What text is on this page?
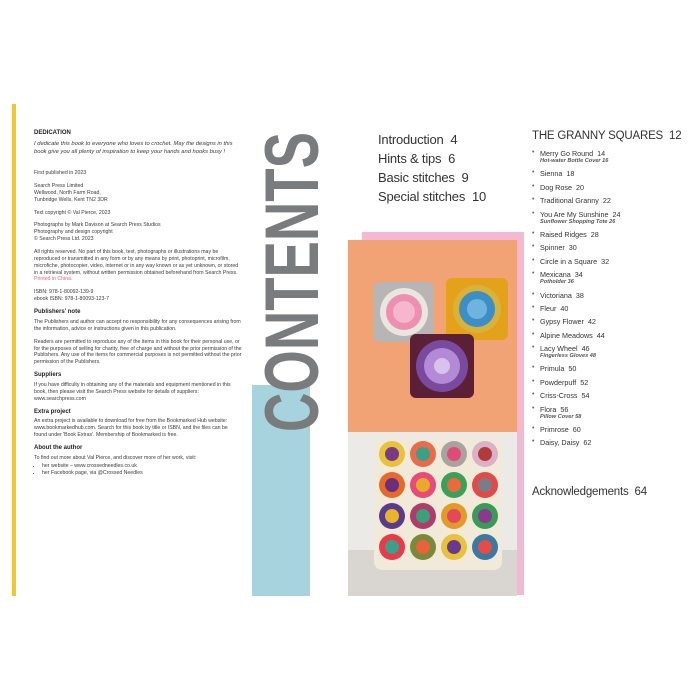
DEDICATION

I dedicate this book to everyone who loves to crochet. May the designs in this book give you all plenty of inspiration to keep your hands and hooks busy !

First published in 2023

Search Press Limited
Wellwood, North Farm Road,
Tunbridge Wells, Kent TN2 3DR

Text copyright © Val Pierce, 2023

Photographs by Mark Davison at Search Press Studios
Photography and design copyright
© Search Press Ltd. 2023

All rights reserved. No part of this book, text, photographs or illustrations may be reproduced or transmitted in any form or by any means by print, photoprint, microfilm, microfiche, photocopier, video, internet or in any way known or as yet unknown, or stored in a retrieval system, without written permission obtained beforehand from Search Press. Printed in China.

ISBN: 978-1-80092-139-9
ebook ISBN: 978-1-80093-123-7

Publishers' note

The Publishers and author can accept no responsibility for any consequences arising from the information, advice or instructions given in this publication.

Readers are permitted to reproduce any of the items in this book for their personal use, or for the purposes of selling for charity, free of charge and without the prior permission of the Publishers. Any use of the items for commercial purposes is not permitted without the prior permission of the Publishers.

Suppliers

If you have difficulty in obtaining any of the materials and equipment mentioned in this book, then please visit the Search Press website for details of suppliers: www.searchpress.com

Extra project

An extra project is available to download for free from the Bookmarked Hub website: www.bookmarkedhub.com. Search for this book by title or ISBN, and the files can be found under 'Book Extras'. Membership of Bookmarked is free.

About the author

To find out more about Val Pierce, and discover more of her work, visit:

• her website – www.crossedneedles.co.uk
• her Facebook page, via @Crossed Needles
CONTENTS	Introduction 4
Hints & tips 6
Basic stitches 9
Special stitches 10
THE GRANNY SQUARES 12
• Merry Go Round 14
Hot-water Bottle Cover 16
• Sienna 18
• Dog Rose 20
• Traditional Granny 22
• You Are My Sunshine 24
Sunflower Shopping Tote 26
• Raised Ridges 28
• Spinner 30
• Circle in a Square 32
• Mexicana 34
Potholder 36
• Victoriana 38
• Fleur 40
• Gypsy Flower 42
• Alpine Meadows 44
• Lacy Wheel 46
Fingerless Gloves 48
• Primula 50
• Powderpuff 52
• Criss-Cross 54
• Flora 56
Pillow Cover 58
• Primrose 60
• Daisy, Daisy 62
Acknowledgements 64
